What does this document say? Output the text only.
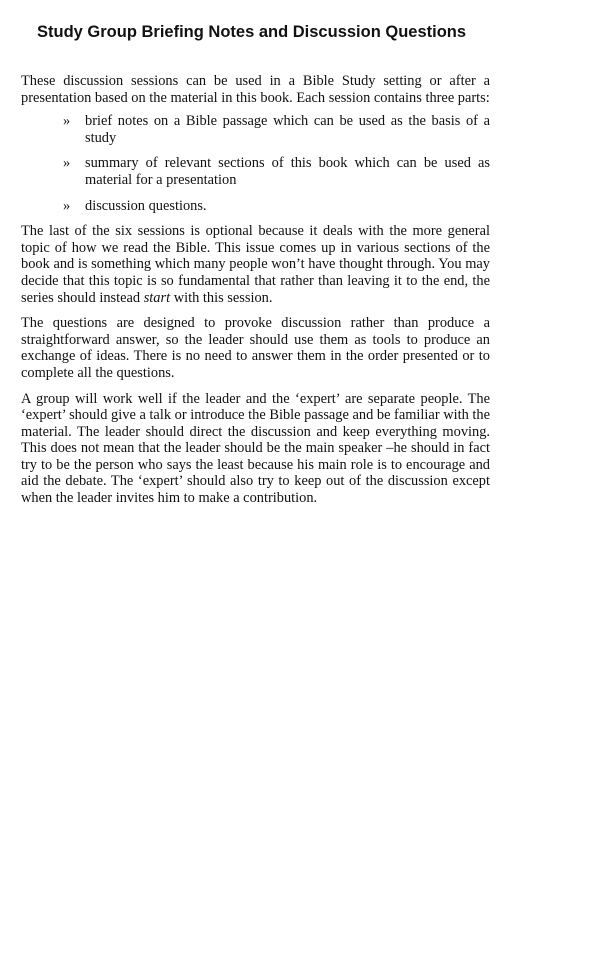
Study Group Briefing Notes and Discussion Questions

These discussion sessions can be used in a Bible Study setting or after a presentation based on the material in this book. Each session contains three parts:

» brief notes on a Bible passage which can be used as the basis of a study
» summary of relevant sections of this book which can be used as material for a presentation
» discussion questions.

The last of the six sessions is optional because it deals with the more general topic of how we read the Bible. This issue comes up in various sections of the book and is something which many people won’t have thought through. You may decide that this topic is so fundamental that rather than leaving it to the end, the series should instead start with this session.

The questions are designed to provoke discussion rather than produce a straightforward answer, so the leader should use them as tools to produce an exchange of ideas. There is no need to answer them in the order presented or to complete all the questions.

A group will work well if the leader and the ‘expert’ are separate people. The ‘expert’ should give a talk or introduce the Bible passage and be familiar with the material. The leader should direct the discussion and keep everything moving. This does not mean that the leader should be the main speaker –he should in fact try to be the person who says the least because his main role is to encourage and aid the debate. The ‘expert’ should also try to keep out of the discussion except when the leader invites him to make a contribution.
